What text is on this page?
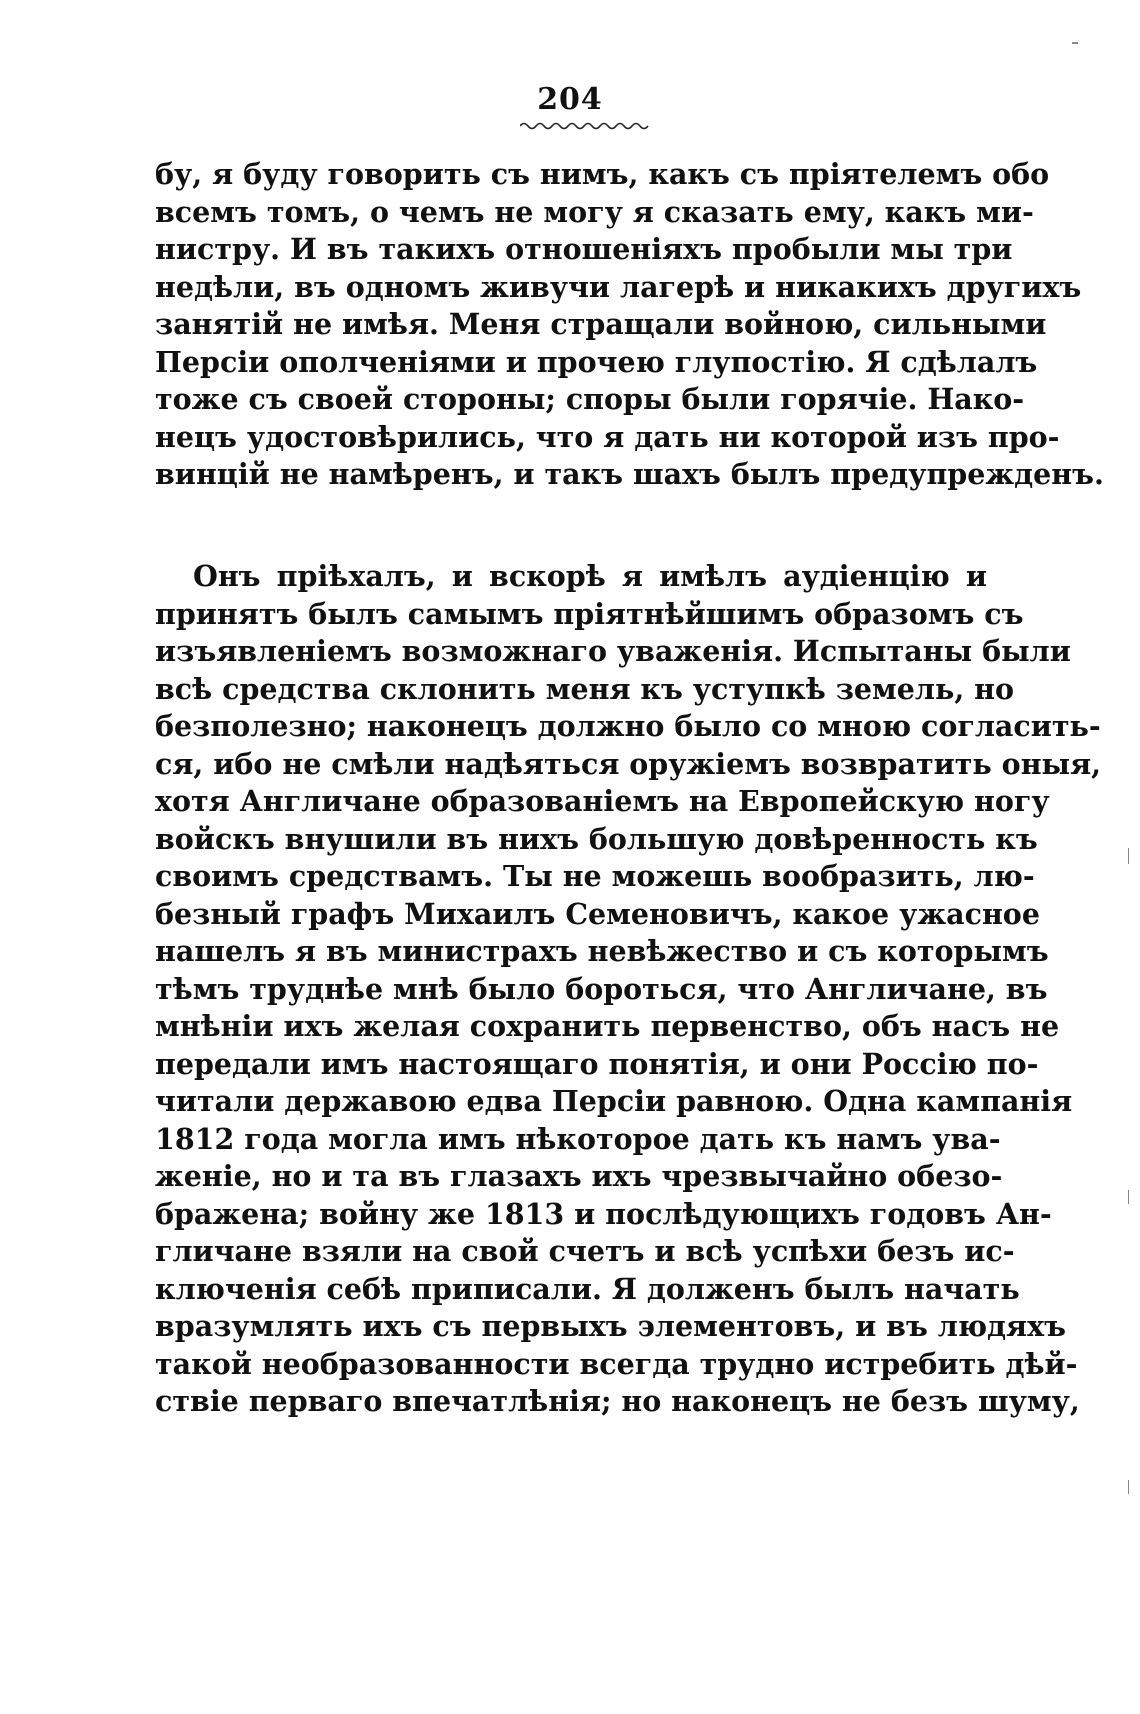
204
бу, я буду говорить съ нимъ, какъ съ прiятелемъ обо
всемъ томъ, о чемъ не могу я сказать ему, какъ ми-
нистру. И въ такихъ отношенiяхъ пробыли мы три
недѣли, въ одномъ живучи лагерѣ и никакихъ другихъ
занятiй не имѣя. Меня стращали войною, сильными
Персiи ополченiями и прочею глупостiю. Я сдѣлалъ
тоже съ своей стороны; споры были горячiе. Нако-
нецъ удостовѣрились, что я дать ни которой изъ про-
винцiй не намѣренъ, и такъ шахъ былъ предупрежденъ.
Онъ прiѣхалъ, и вскорѣ я имѣлъ аудiенцiю и
принятъ былъ самымъ прiятнѣйшимъ образомъ съ
изъявленiемъ возможнаго уваженiя. Испытаны были
всѣ средства склонить меня къ уступкѣ земель, но
безполезно; наконецъ должно было со мною согласить-
ся, ибо не смѣли надѣяться оружiемъ возвратить оныя,
хотя Англичане образованiемъ на Европейскую ногу
войскъ внушили въ нихъ большую довѣренность къ
своимъ средствамъ. Ты не можешь вообразить, лю-
безный графъ Михаилъ Семеновичъ, какое ужасное
нашелъ я въ министрахъ невѣжество и съ которымъ
тѣмъ труднѣе мнѣ было бороться, что Англичане, въ
мнѣнiи ихъ желая сохранить первенство, объ насъ не
передали имъ настоящаго понятiя, и они Россiю по-
читали державою едва Персiи равною. Одна кампанiя
1812 года могла имъ нѣкоторое дать къ намъ ува-
женiе, но и та въ глазахъ ихъ чрезвычайно обезо-
бражена; войну же 1813 и послѣдующихъ годовъ Ан-
гличане взяли на свой счетъ и всѣ успѣхи безъ ис-
ключенiя себѣ приписали. Я долженъ былъ начать
вразумлять ихъ съ первыхъ элементовъ, и въ людяхъ
такой необразованности всегда трудно истребить дѣй-
ствiе перваго впечатлѣнiя; но наконецъ не безъ шуму,
